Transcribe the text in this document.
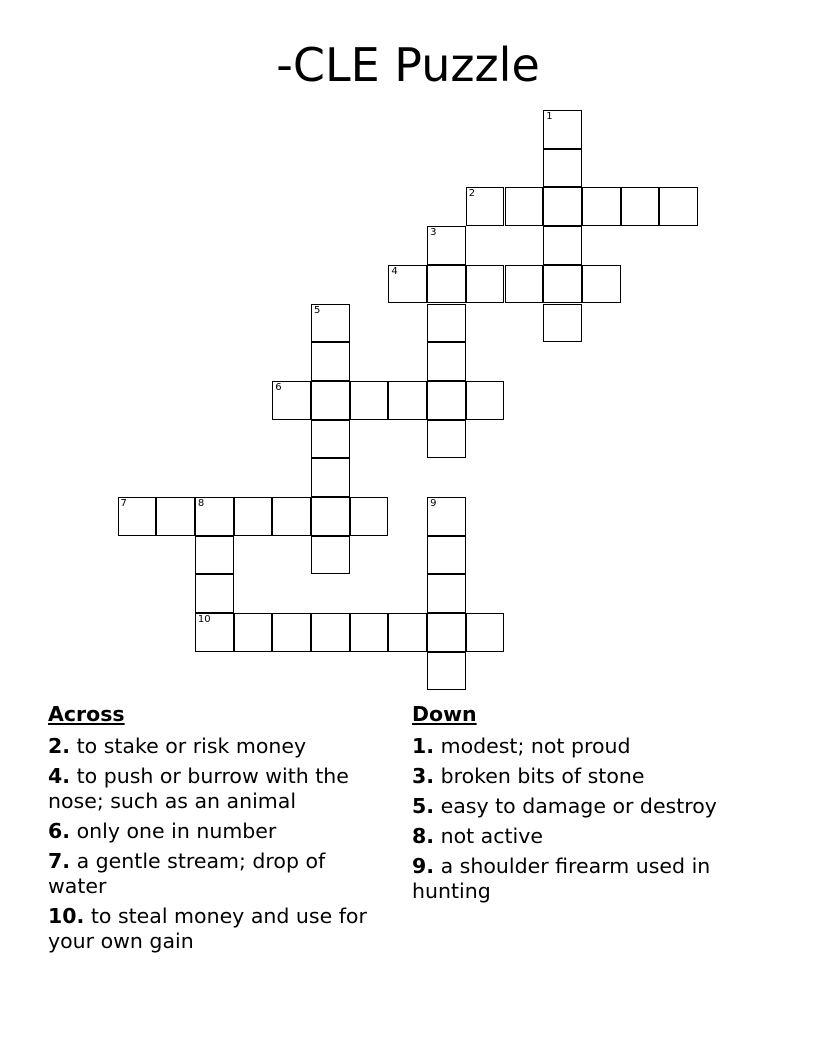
-CLE Puzzle
1
2
3
4
5
6
7	8	9
10
Across
2. to stake or risk money
4. to push or burrow with the nose; such as an animal
6. only one in number
7. a gentle stream; drop of water
10. to steal money and use for your own gain
Down
1. modest; not proud
3. broken bits of stone
5. easy to damage or destroy
8. not active
9. a shoulder firearm used in hunting
